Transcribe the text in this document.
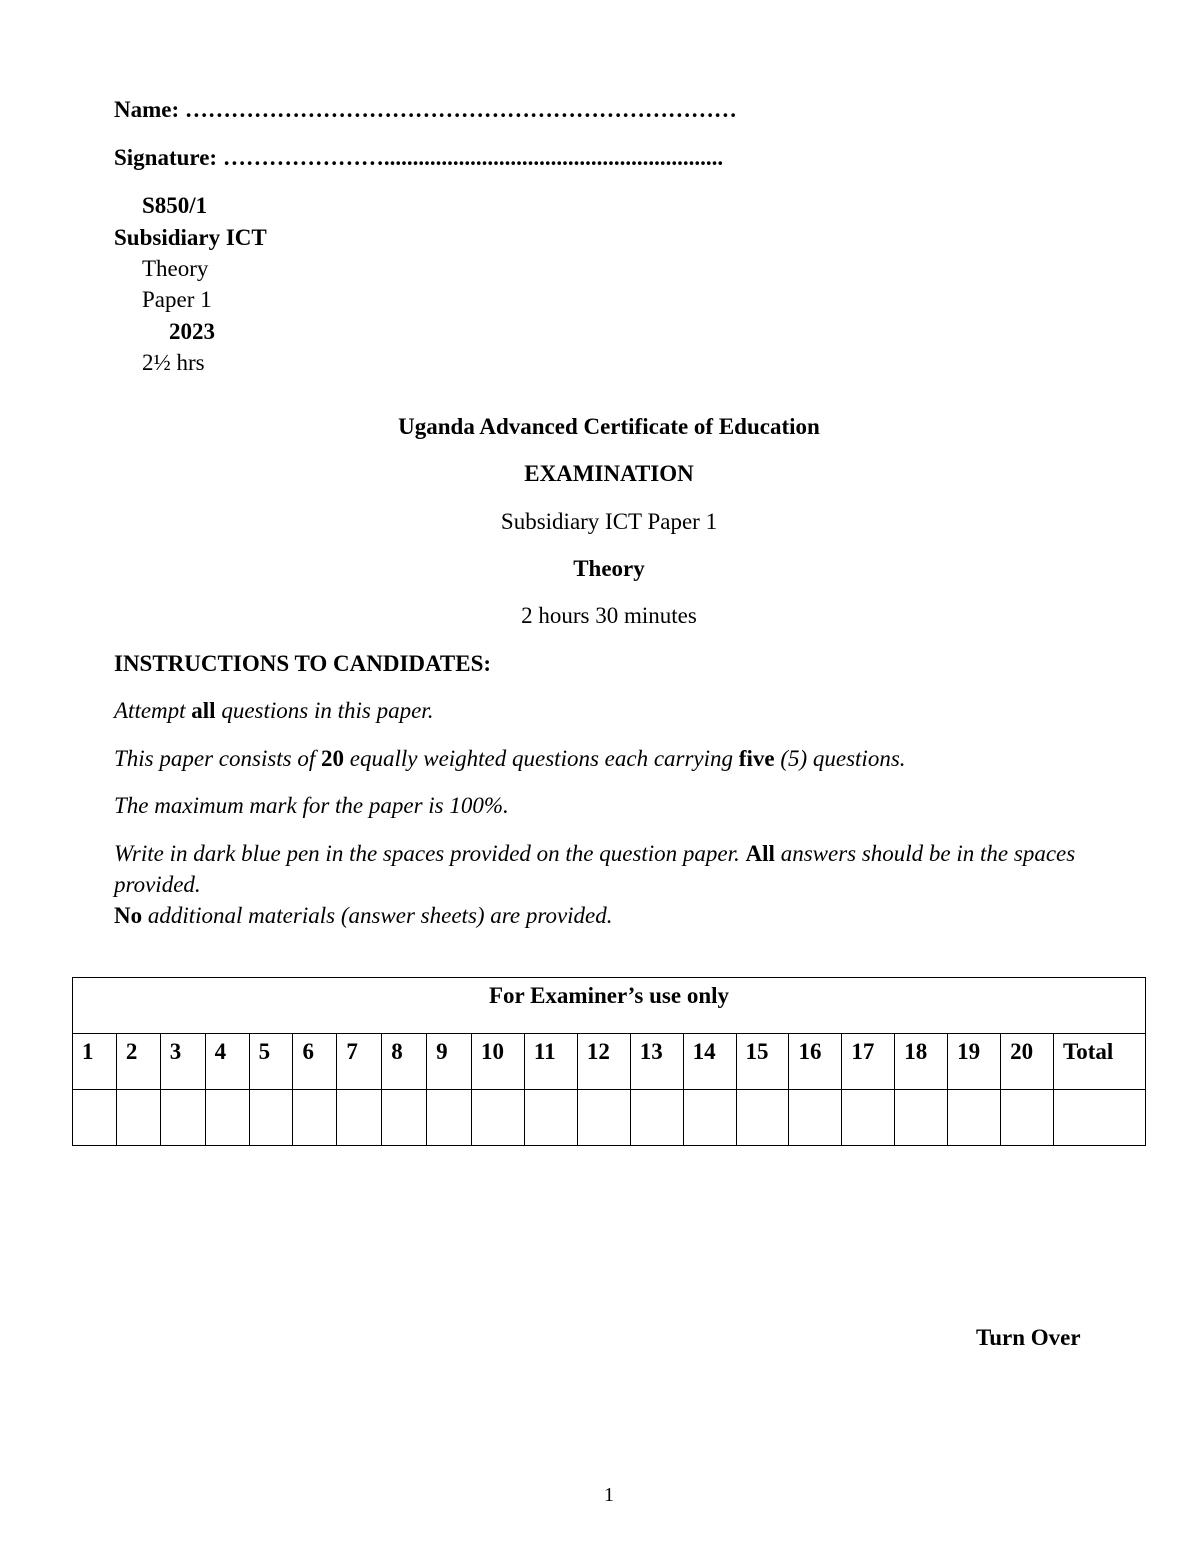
Name: ………………………………………………………………
Signature: …………………...........................................................
S850/1
Subsidiary ICT
Theory
Paper 1
2023
2½ hrs
Uganda Advanced Certificate of Education
EXAMINATION
Subsidiary ICT Paper 1
Theory
2 hours 30 minutes
INSTRUCTIONS TO CANDIDATES:
Attempt all questions in this paper.
This paper consists of 20 equally weighted questions each carrying five (5) questions.
The maximum mark for the paper is 100%.
Write in dark blue pen in the spaces provided on the question paper. All answers should be in the spaces provided.
No additional materials (answer sheets) are provided.
For Examiner’s use only																				
1	2	3	4	5	6	7	8	9	10	11	12	13	14	15	16	17	18	19	20	Total

Turn Over
1
